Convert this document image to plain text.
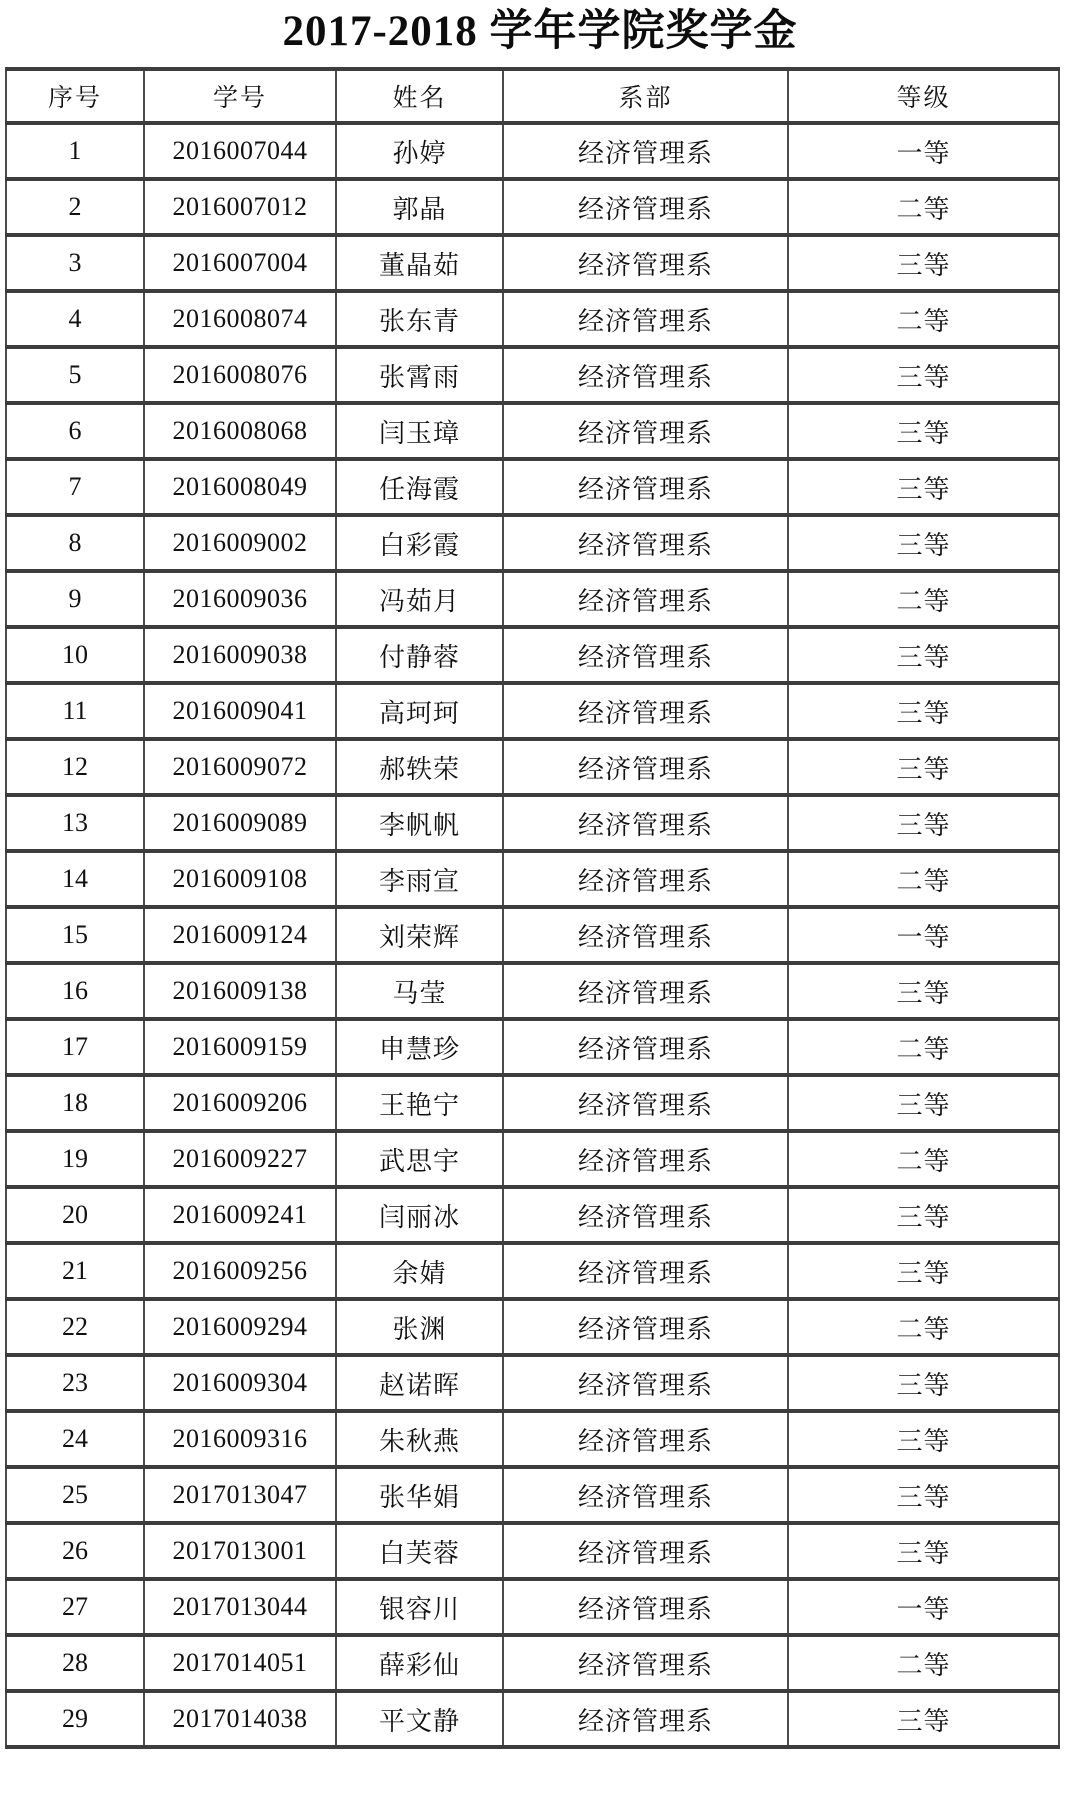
2017-2018 学年学院奖学金
序号	学号	姓名	系部	等级
1	2016007044	孙婷	经济管理系	一等
2	2016007012	郭晶	经济管理系	二等
3	2016007004	董晶茹	经济管理系	三等
4	2016008074	张东青	经济管理系	二等
5	2016008076	张霄雨	经济管理系	三等
6	2016008068	闫玉璋	经济管理系	三等
7	2016008049	任海霞	经济管理系	三等
8	2016009002	白彩霞	经济管理系	三等
9	2016009036	冯茹月	经济管理系	二等
10	2016009038	付静蓉	经济管理系	三等
11	2016009041	高珂珂	经济管理系	三等
12	2016009072	郝轶荣	经济管理系	三等
13	2016009089	李帆帆	经济管理系	三等
14	2016009108	李雨宣	经济管理系	二等
15	2016009124	刘荣辉	经济管理系	一等
16	2016009138	马莹	经济管理系	三等
17	2016009159	申慧珍	经济管理系	二等
18	2016009206	王艳宁	经济管理系	三等
19	2016009227	武思宇	经济管理系	二等
20	2016009241	闫丽冰	经济管理系	三等
21	2016009256	余婧	经济管理系	三等
22	2016009294	张渊	经济管理系	二等
23	2016009304	赵诺晖	经济管理系	三等
24	2016009316	朱秋燕	经济管理系	三等
25	2017013047	张华娟	经济管理系	三等
26	2017013001	白芙蓉	经济管理系	三等
27	2017013044	银容川	经济管理系	一等
28	2017014051	薛彩仙	经济管理系	二等
29	2017014038	平文静	经济管理系	三等
